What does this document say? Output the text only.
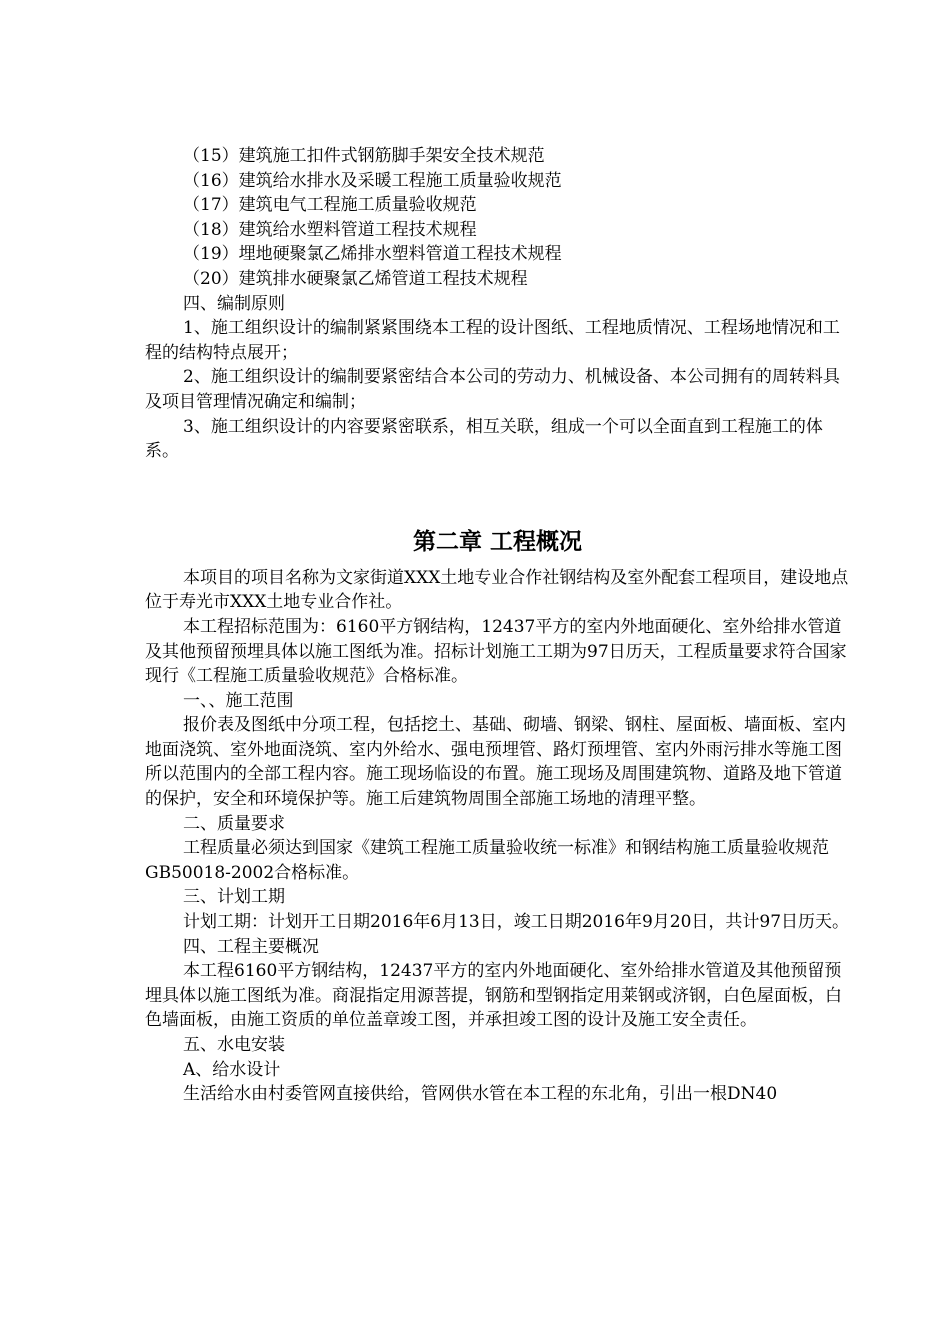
（15）建筑施工扣件式钢筋脚手架安全技术规范

（16）建筑给水排水及采暖工程施工质量验收规范

（17）建筑电气工程施工质量验收规范

（18）建筑给水塑料管道工程技术规程

（19）埋地硬聚氯乙烯排水塑料管道工程技术规程

（20）建筑排水硬聚氯乙烯管道工程技术规程

四、编制原则

1、施工组织设计的编制紧紧围绕本工程的设计图纸、工程地质情况、工程场地情况和工程的结构特点展开；

2、施工组织设计的编制要紧密结合本公司的劳动力、机械设备、本公司拥有的周转料具及项目管理情况确定和编制；

3、施工组织设计的内容要紧密联系，相互关联，组成一个可以全面直到工程施工的体系。

第二章 工程概况

本项目的项目名称为文家街道XXX土地专业合作社钢结构及室外配套工程项目，建设地点位于寿光市XXX土地专业合作社。

本工程招标范围为：6160平方钢结构，12437平方的室内外地面硬化、室外给排水管道及其他预留预埋具体以施工图纸为准。招标计划施工工期为97日历天，工程质量要求符合国家现行《工程施工质量验收规范》合格标准。

一、、施工范围

报价表及图纸中分项工程，包括挖土、基础、砌墙、钢梁、钢柱、屋面板、墙面板、室内地面浇筑、室外地面浇筑、室内外给水、强电预埋管、路灯预埋管、室内外雨污排水等施工图所以范围内的全部工程内容。施工现场临设的布置。施工现场及周围建筑物、道路及地下管道的保护，安全和环境保护等。施工后建筑物周围全部施工场地的清理平整。

二、质量要求

工程质量必须达到国家《建筑工程施工质量验收统一标准》和钢结构施工质量验收规范GB50018-2002合格标准。

三、计划工期

计划工期：计划开工日期2016年6月13日，竣工日期2016年9月20日，共计97日历天。

四、工程主要概况

本工程6160平方钢结构，12437平方的室内外地面硬化、室外给排水管道及其他预留预埋具体以施工图纸为准。商混指定用源菩提，钢筋和型钢指定用莱钢或济钢，白色屋面板，白色墙面板，由施工资质的单位盖章竣工图，并承担竣工图的设计及施工安全责任。

五、水电安装

A、给水设计

生活给水由村委管网直接供给，管网供水管在本工程的东北角，引出一根DN40
